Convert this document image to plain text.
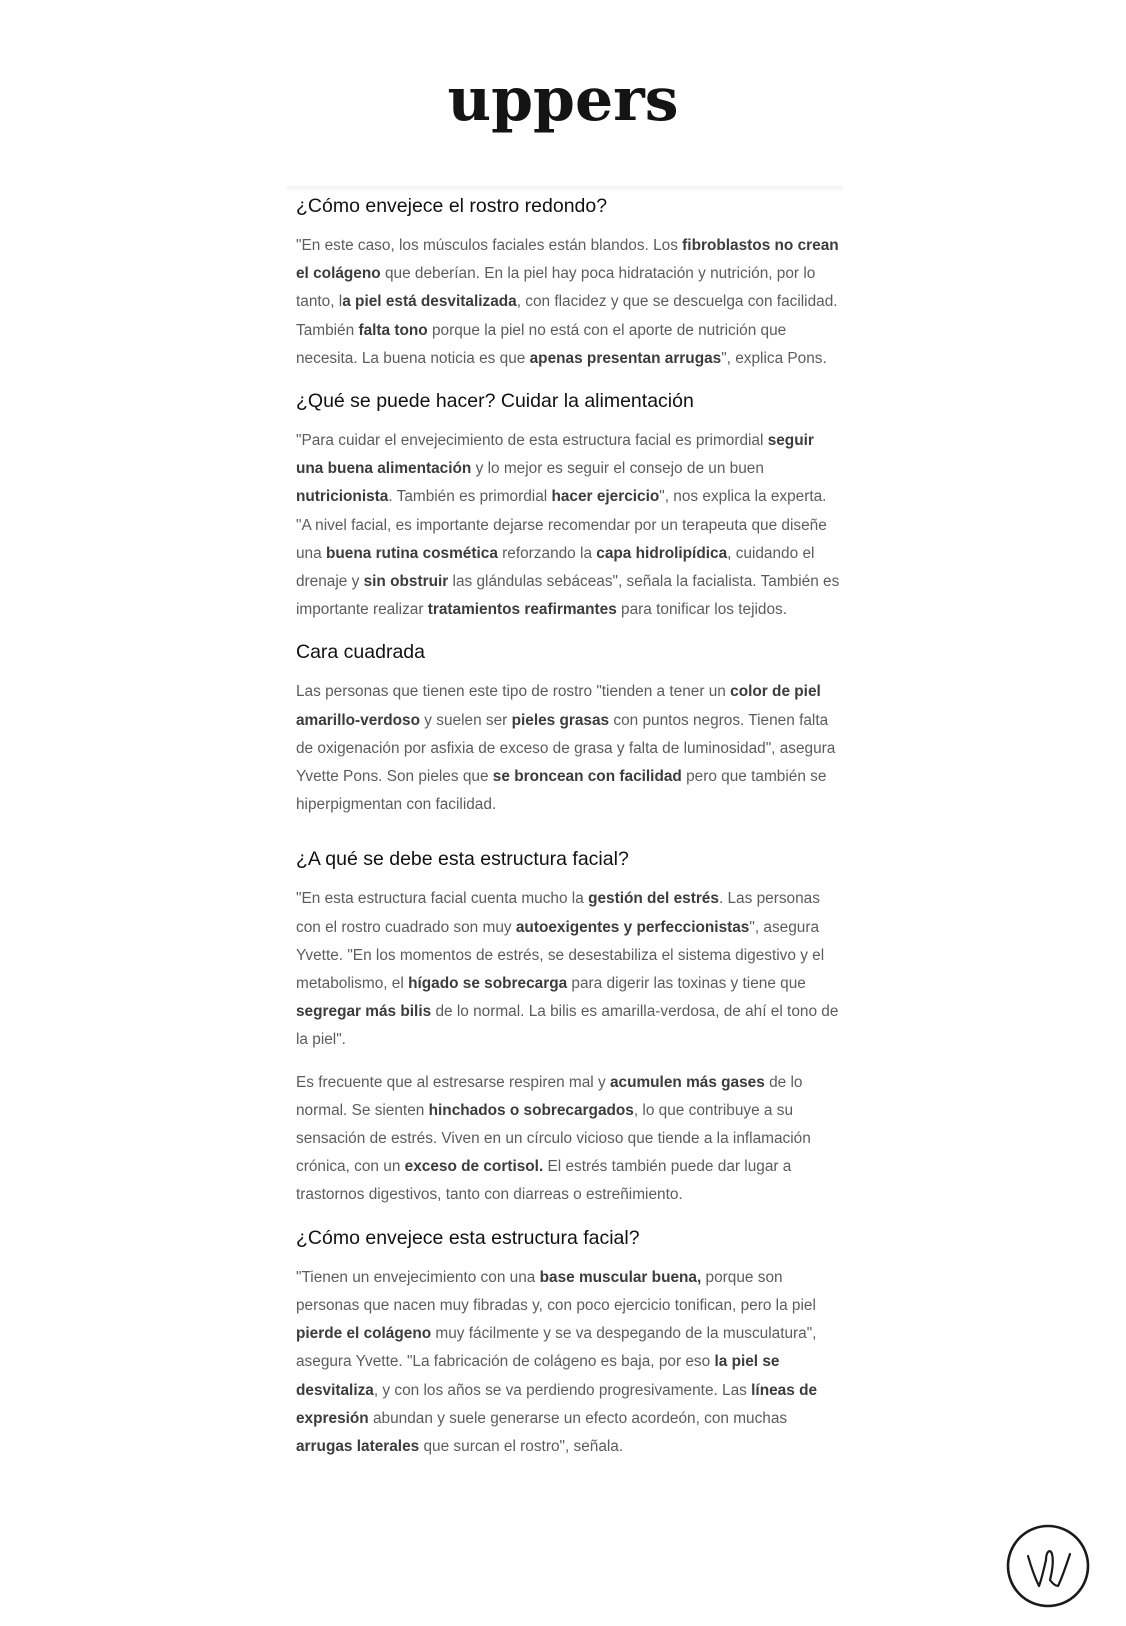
uppers
¿Cómo envejece el rostro redondo?

"En este caso, los músculos faciales están blandos. Los fibroblastos no crean el colágeno que deberían. En la piel hay poca hidratación y nutrición, por lo tanto, la piel está desvitalizada, con flacidez y que se descuelga con facilidad. También falta tono porque la piel no está con el aporte de nutrición que necesita. La buena noticia es que apenas presentan arrugas", explica Pons.

¿Qué se puede hacer? Cuidar la alimentación

"Para cuidar el envejecimiento de esta estructura facial es primordial seguir una buena alimentación y lo mejor es seguir el consejo de un buen nutricionista. También es primordial hacer ejercicio", nos explica la experta. "A nivel facial, es importante dejarse recomendar por un terapeuta que diseñe una buena rutina cosmética reforzando la capa hidrolipídica, cuidando el drenaje y sin obstruir las glándulas sebáceas", señala la facialista. También es importante realizar tratamientos reafirmantes para tonificar los tejidos.

Cara cuadrada

Las personas que tienen este tipo de rostro "tienden a tener un color de piel amarillo-verdoso y suelen ser pieles grasas con puntos negros. Tienen falta de oxigenación por asfixia de exceso de grasa y falta de luminosidad", asegura Yvette Pons. Son pieles que se broncean con facilidad pero que también se hiperpigmentan con facilidad.

¿A qué se debe esta estructura facial?

"En esta estructura facial cuenta mucho la gestión del estrés. Las personas con el rostro cuadrado son muy autoexigentes y perfeccionistas", asegura Yvette. "En los momentos de estrés, se desestabiliza el sistema digestivo y el metabolismo, el hígado se sobrecarga para digerir las toxinas y tiene que segregar más bilis de lo normal. La bilis es amarilla-verdosa, de ahí el tono de la piel".

Es frecuente que al estresarse respiren mal y acumulen más gases de lo normal. Se sienten hinchados o sobrecargados, lo que contribuye a su sensación de estrés. Viven en un círculo vicioso que tiende a la inflamación crónica, con un exceso de cortisol. El estrés también puede dar lugar a trastornos digestivos, tanto con diarreas o estreñimiento.

¿Cómo envejece esta estructura facial?

"Tienen un envejecimiento con una base muscular buena, porque son personas que nacen muy fibradas y, con poco ejercicio tonifican, pero la piel pierde el colágeno muy fácilmente y se va despegando de la musculatura", asegura Yvette. "La fabricación de colágeno es baja, por eso la piel se desvitaliza, y con los años se va perdiendo progresivamente. Las líneas de expresión abundan y suele generarse un efecto acordeón, con muchas arrugas laterales que surcan el rostro", señala.
